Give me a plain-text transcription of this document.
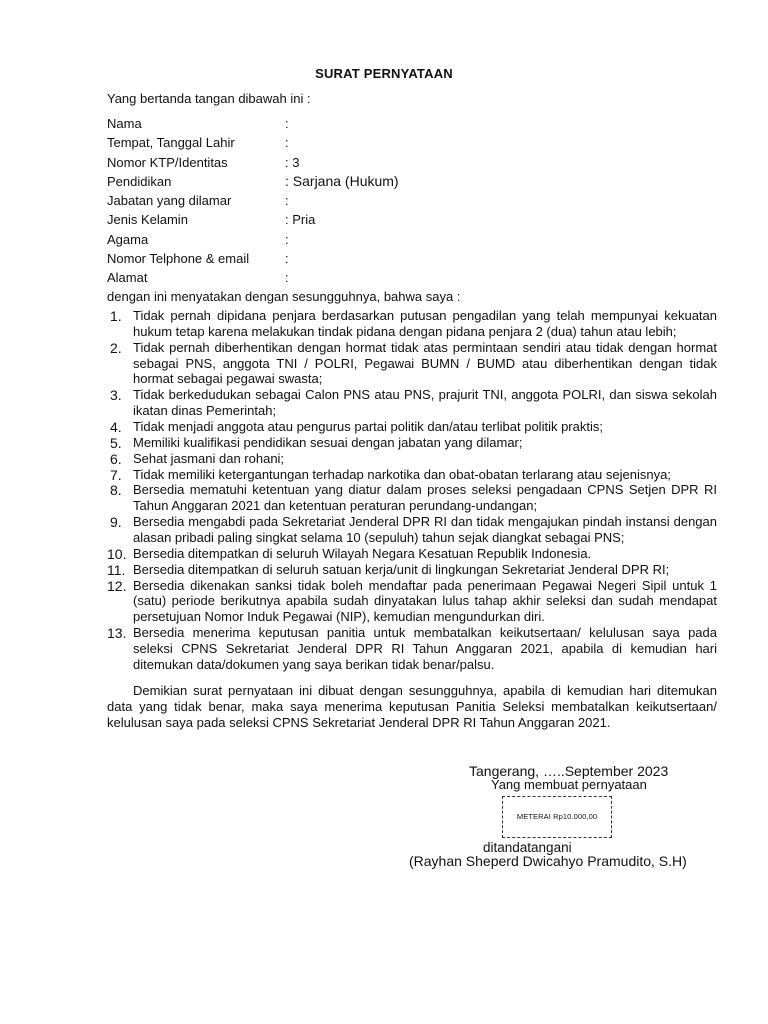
SURAT PERNYATAAN
Yang bertanda tangan dibawah ini :
Nama	:
Tempat, Tanggal Lahir	:
Nomor KTP/Identitas	: 3
Pendidikan	: Sarjana (Hukum)
Jabatan yang dilamar	:
Jenis Kelamin	: Pria
Agama	:
Nomor Telphone & email	:
Alamat	:
dengan ini menyatakan dengan sesungguhnya, bahwa saya :
1. Tidak pernah dipidana penjara berdasarkan putusan pengadilan yang telah mempunyai kekuatan hukum tetap karena melakukan tindak pidana dengan pidana penjara 2 (dua) tahun atau lebih;
2. Tidak pernah diberhentikan dengan hormat tidak atas permintaan sendiri atau tidak dengan hormat sebagai PNS, anggota TNI / POLRI, Pegawai BUMN / BUMD atau diberhentikan dengan tidak hormat sebagai pegawai swasta;
3. Tidak berkedudukan sebagai Calon PNS atau PNS, prajurit TNI, anggota POLRI, dan siswa sekolah ikatan dinas Pemerintah;
4. Tidak menjadi anggota atau pengurus partai politik dan/atau terlibat politik praktis;
5. Memiliki kualifikasi pendidikan sesuai dengan jabatan yang dilamar;
6. Sehat jasmani dan rohani;
7. Tidak memiliki ketergantungan terhadap narkotika dan obat-obatan terlarang atau sejenisnya;
8. Bersedia mematuhi ketentuan yang diatur dalam proses seleksi pengadaan CPNS Setjen DPR RI Tahun Anggaran 2021 dan ketentuan peraturan perundang-undangan;
9. Bersedia mengabdi pada Sekretariat Jenderal DPR RI dan tidak mengajukan pindah instansi dengan alasan pribadi paling singkat selama 10 (sepuluh) tahun sejak diangkat sebagai PNS;
10. Bersedia ditempatkan di seluruh Wilayah Negara Kesatuan Republik Indonesia.
11. Bersedia ditempatkan di seluruh satuan kerja/unit di lingkungan Sekretariat Jenderal DPR RI;
12. Bersedia dikenakan sanksi tidak boleh mendaftar pada penerimaan Pegawai Negeri Sipil untuk 1 (satu) periode berikutnya apabila sudah dinyatakan lulus tahap akhir seleksi dan sudah mendapat persetujuan Nomor Induk Pegawai (NIP), kemudian mengundurkan diri.
13. Bersedia menerima keputusan panitia untuk membatalkan keikutsertaan/ kelulusan saya pada seleksi CPNS Sekretariat Jenderal DPR RI Tahun Anggaran 2021, apabila di kemudian hari ditemukan data/dokumen yang saya berikan tidak benar/palsu.
Demikian surat pernyataan ini dibuat dengan sesungguhnya, apabila di kemudian hari ditemukan data yang tidak benar, maka saya menerima keputusan Panitia Seleksi membatalkan keikutsertaan/ kelulusan saya pada seleksi CPNS Sekretariat Jenderal DPR RI Tahun Anggaran 2021.
Tangerang, …..September 2023
Yang membuat pernyataan
METERAI Rp10.000,00
ditandatangani
(Rayhan Sheperd Dwicahyo Pramudito, S.H)
